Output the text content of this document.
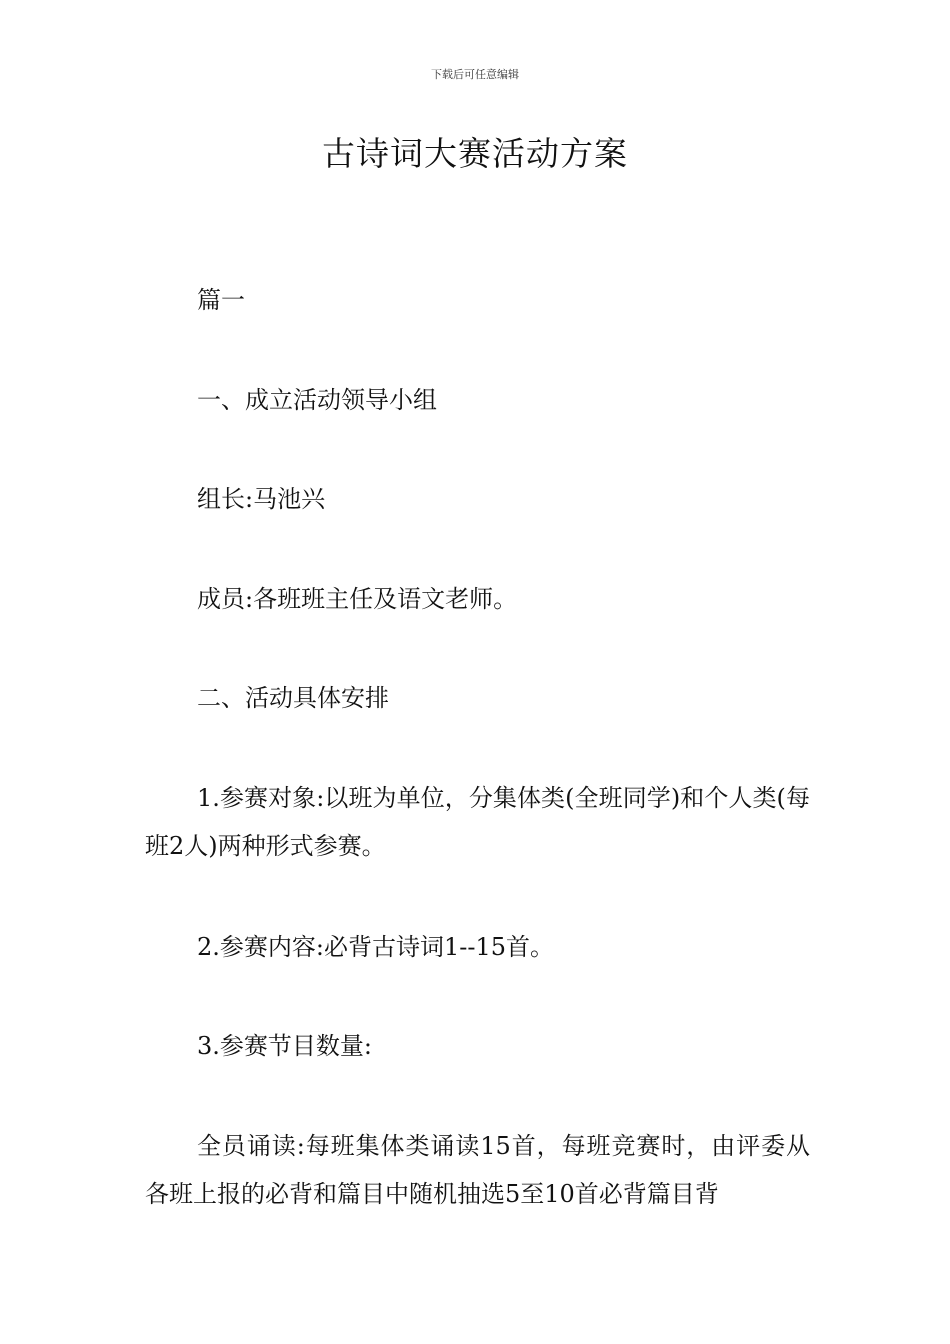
下载后可任意编辑
古诗词大赛活动方案
篇一
一、成立活动领导小组
组长:马池兴
成员:各班班主任及语文老师。
二、活动具体安排
1.参赛对象:以班为单位，分集体类(全班同学)和个人类(每班2人)两种形式参赛。
2.参赛内容:必背古诗词1--15首。
3.参赛节目数量:
全员诵读:每班集体类诵读15首，每班竞赛时，由评委从各班上报的必背和篇目中随机抽选5至10首必背篇目背
